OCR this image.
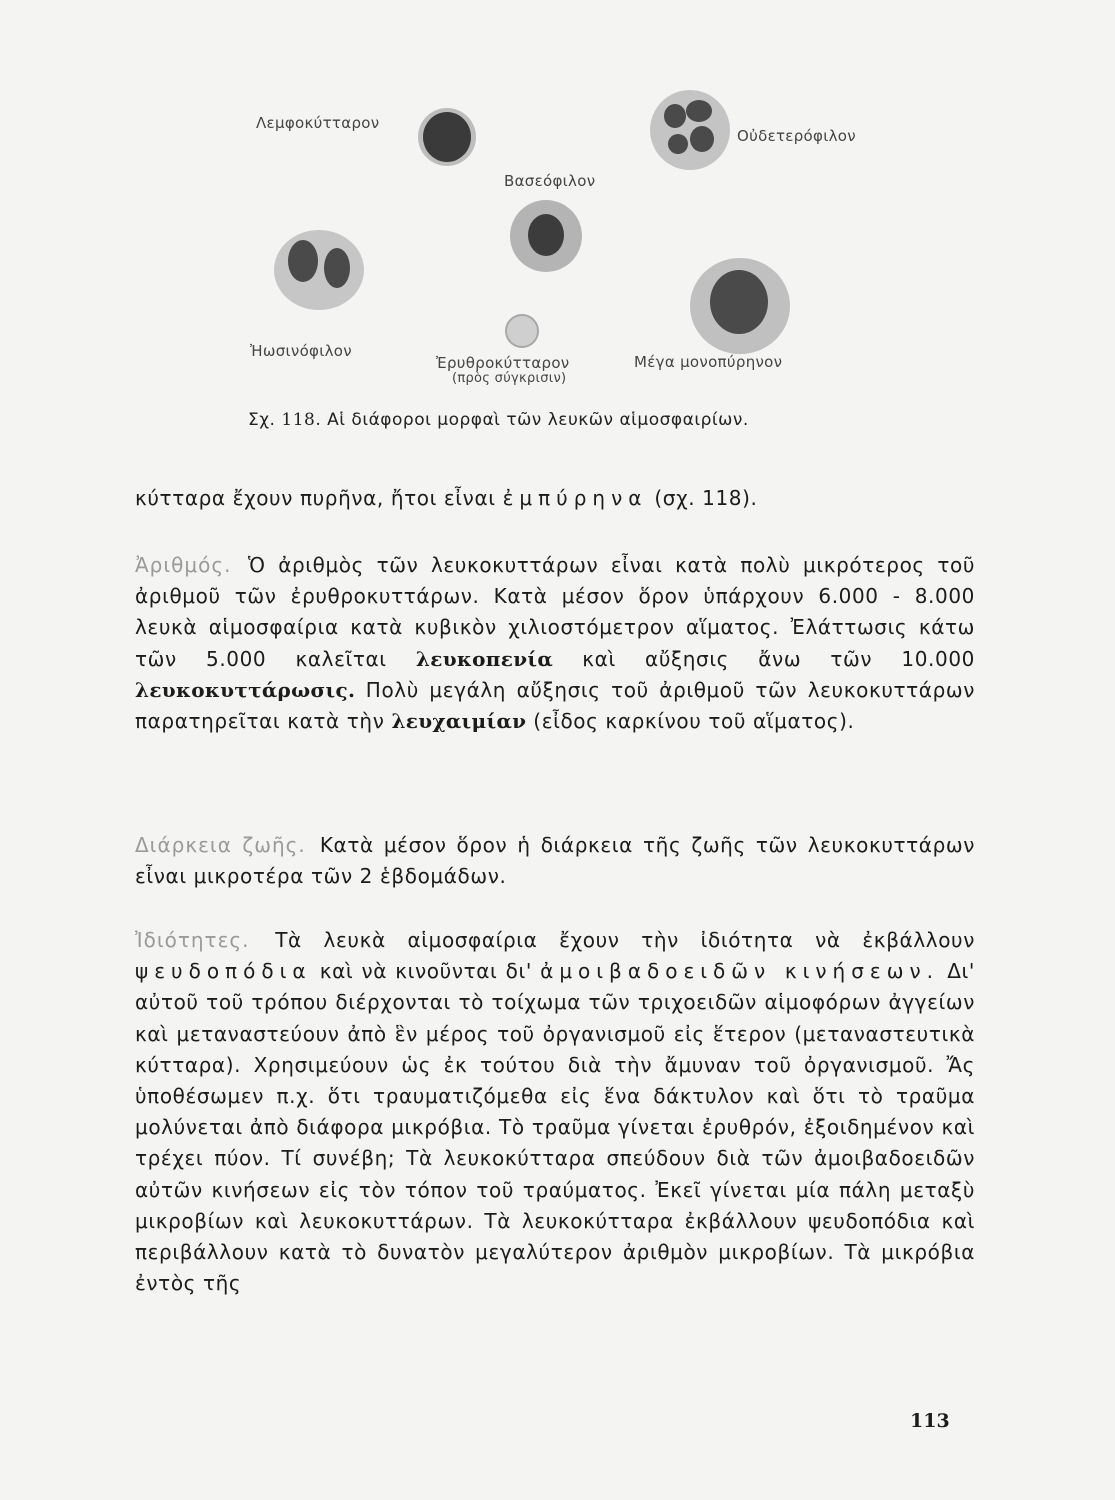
Λεμφοκύτταρον
Οὐδετερόφιλον
Βασεόφιλον
Ἠωσινόφιλον
Ἐρυθροκύτταρον
(πρὸς σύγκρισιν)
Μέγα μονοπύρηνον
Σχ. 118. Αἱ διάφοροι μορφαὶ τῶν λευκῶν αἱμοσφαιρίων.

κύτταρα ἔχουν πυρῆνα, ἤτοι εἶναι ἐμπύρηνα (σχ. 118).

Ἀριθμός. Ὁ ἀριθμὸς τῶν λευκοκυττάρων εἶναι κατὰ πολὺ μικρότερος τοῦ ἀριθμοῦ τῶν ἐρυθροκυττάρων. Κατὰ μέσον ὅρον ὑπάρχουν 6.000 - 8.000 λευκὰ αἱμοσφαίρια κατὰ κυβικὸν χιλιοστόμετρον αἵματος. Ἐλάττωσις κάτω τῶν 5.000 καλεῖται λευκοπενία καὶ αὔξησις ἄνω τῶν 10.000 λευκοκυττάρωσις. Πολὺ μεγάλη αὔξησις τοῦ ἀριθμοῦ τῶν λευκοκυττάρων παρατηρεῖται κατὰ τὴν λευχαιμίαν (εἶδος καρκίνου τοῦ αἵματος).

Διάρκεια ζωῆς. Κατὰ μέσον ὅρον ἡ διάρκεια τῆς ζωῆς τῶν λευκοκυττάρων εἶναι μικροτέρα τῶν 2 ἑβδομάδων.

Ἰδιότητες. Τὰ λευκὰ αἱμοσφαίρια ἔχουν τὴν ἰδιότητα νὰ ἐκβάλλουν ψευδοπόδια καὶ νὰ κινοῦνται δι' ἀμοιβαδοειδῶν κινήσεων. Δι' αὐτοῦ τοῦ τρόπου διέρχονται τὸ τοίχωμα τῶν τριχοειδῶν αἱμοφόρων ἀγγείων καὶ μεταναστεύουν ἀπὸ ἓν μέρος τοῦ ὀργανισμοῦ εἰς ἕτερον (μεταναστευτικὰ κύτταρα). Χρησιμεύουν ὡς ἐκ τούτου διὰ τὴν ἄμυναν τοῦ ὀργανισμοῦ. Ἄς ὑποθέσωμεν π.χ. ὅτι τραυματιζόμεθα εἰς ἕνα δάκτυλον καὶ ὅτι τὸ τραῦμα μολύνεται ἀπὸ διάφορα μικρόβια. Τὸ τραῦμα γίνεται ἐρυθρόν, ἐξοιδημένον καὶ τρέχει πύον. Τί συνέβη; Τὰ λευκοκύτταρα σπεύδουν διὰ τῶν ἀμοιβαδοειδῶν αὐτῶν κινήσεων εἰς τὸν τόπον τοῦ τραύματος. Ἐκεῖ γίνεται μία πάλη μεταξὺ μικροβίων καὶ λευκοκυττάρων. Τὰ λευκοκύτταρα ἐκβάλλουν ψευδοπόδια καὶ περιβάλλουν κατὰ τὸ δυνατὸν μεγαλύτερον ἀριθμὸν μικροβίων. Τὰ μικρόβια ἐντὸς τῆς

113
